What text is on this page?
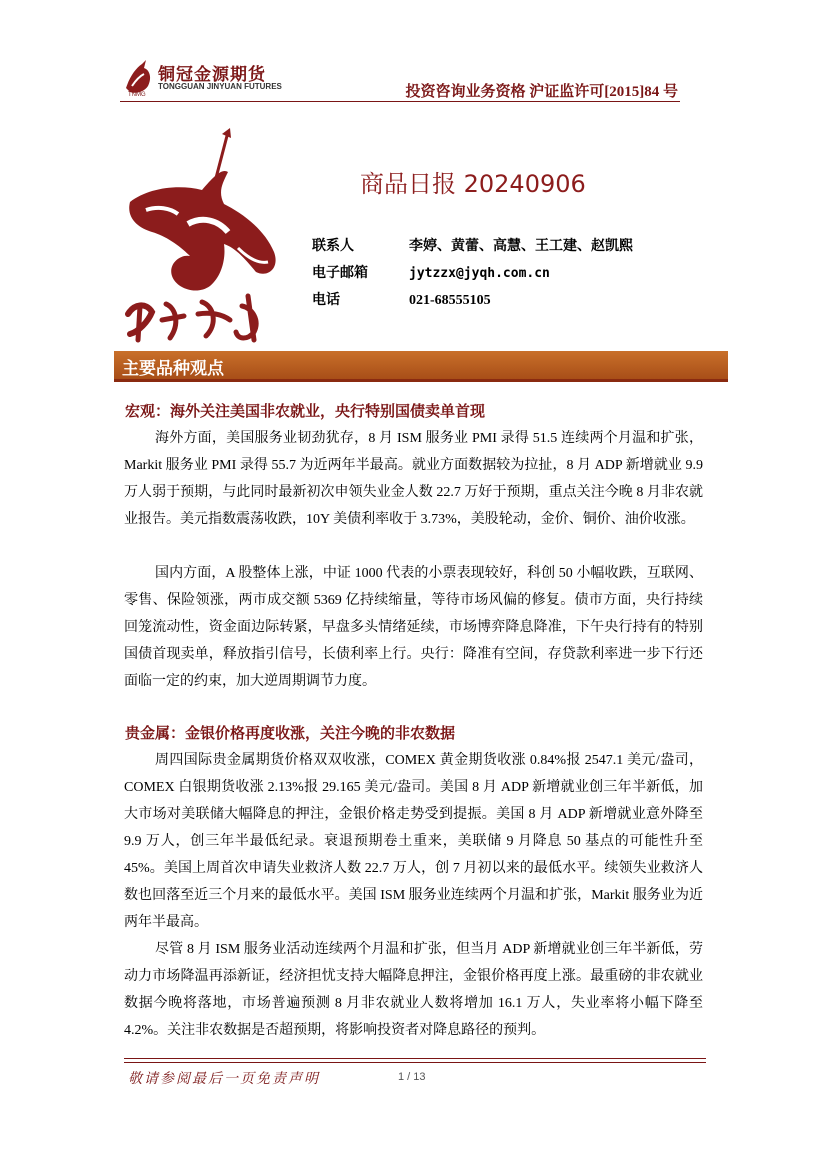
铜冠金源期货
TONGGUAN JINYUAN FUTURES
TNMG	投资咨询业务资格 沪证监许可[2015]84 号
商品日报 20240906
联系人	李婷、黄蕾、高慧、王工建、赵凯熙
电子邮箱	jytzzx@jyqh.com.cn
电话	021-68555105
主要品种观点
宏观：海外关注美国非农就业，央行特别国债卖单首现

海外方面，美国服务业韧劲犹存，8 月 ISM 服务业 PMI 录得 51.5 连续两个月温和扩张，Markit 服务业 PMI 录得 55.7 为近两年半最高。就业方面数据较为拉扯，8 月 ADP 新增就业 9.9 万人弱于预期，与此同时最新初次申领失业金人数 22.7 万好于预期，重点关注今晚 8 月非农就业报告。美元指数震荡收跌，10Y 美债利率收于 3.73%，美股轮动，金价、铜价、油价收涨。

国内方面，A 股整体上涨，中证 1000 代表的小票表现较好，科创 50 小幅收跌，互联网、零售、保险领涨，两市成交额 5369 亿持续缩量，等待市场风偏的修复。债市方面，央行持续回笼流动性，资金面边际转紧，早盘多头情绪延续，市场博弈降息降准，下午央行持有的特别国债首现卖单，释放指引信号，长债利率上行。央行：降准有空间，存贷款利率进一步下行还面临一定的约束，加大逆周期调节力度。

贵金属：金银价格再度收涨，关注今晚的非农数据

周四国际贵金属期货价格双双收涨，COMEX 黄金期货收涨 0.84%报 2547.1 美元/盎司，COMEX 白银期货收涨 2.13%报 29.165 美元/盎司。美国 8 月 ADP 新增就业创三年半新低，加大市场对美联储大幅降息的押注，金银价格走势受到提振。美国 8 月 ADP 新增就业意外降至 9.9 万人，创三年半最低纪录。衰退预期卷土重来，美联储 9 月降息 50 基点的可能性升至 45%。美国上周首次申请失业救济人数 22.7 万人，创 7 月初以来的最低水平。续领失业救济人数也回落至近三个月来的最低水平。美国 ISM 服务业连续两个月温和扩张，Markit 服务业为近两年半最高。

尽管 8 月 ISM 服务业活动连续两个月温和扩张，但当月 ADP 新增就业创三年半新低，劳动力市场降温再添新证，经济担忧支持大幅降息押注，金银价格再度上涨。最重磅的非农就业数据今晚将落地，市场普遍预测 8 月非农就业人数将增加 16.1 万人，失业率将小幅下降至 4.2%。关注非农数据是否超预期，将影响投资者对降息路径的预判。

敬请参阅最后一页免责声明	1 / 13
